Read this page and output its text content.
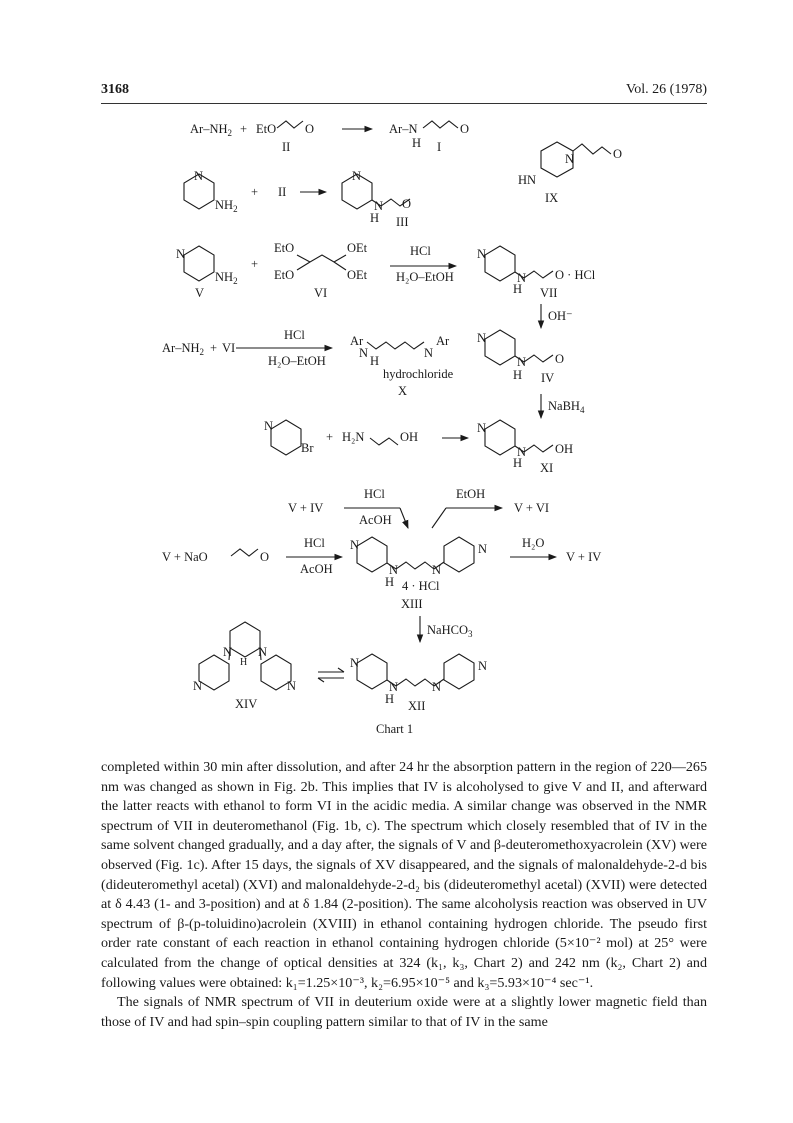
3168	Vol. 26 (1978)
$Ar-NH_2$ + EtO O
II
Ar–N	O
H I
HN
N	O
IX
N
$NH_2$
+ II
N
N
H
O
III
N
$NH_2$
V
+
EtO	OEt
EtO	OEt
VI
HCl
H₂O–EtOH
N
N
H
O · HCl
VII
OH⁻
$Ar-NH_2$ + VI
HCl
H₂O–EtOH
Ar
N	N
Ar
H
hydrochloride
X
N
N
H
O
IV
NaBH$_4$
N
Br
+ H₂N	OH
N
N
H
OH
XI
V + IV
HCl
AcOH
EtOH
V + VI
V + NaO	O
HCl
AcOH
N
N	N
N
H 4 · HCl
XIII
H₂O
V + IV
NaHCO$_3$
N N
H
N	N
XIV
N
N	N
N
H XII
Chart 1

completed within 30 min after dissolution, and after 24 hr the absorption pattern in the region of 220—265 nm was changed as shown in Fig. 2b. This implies that IV is alcoholysed to give V and II, and afterward the latter reacts with ethanol to form VI in the acidic media. A similar change was observed in the NMR spectrum of VII in deuteromethanol (Fig. 1b, c). The spectrum which closely resembled that of IV in the same solvent changed gradually, and a day after, the signals of V and β-deuteromethoxyacrolein (XV) were observed (Fig. 1c). After 15 days, the signals of XV disappeared, and the signals of malonaldehyde-2-d bis (dideuteromethyl acetal) (XVI) and malonaldehyde-2-d₂ bis (dideuteromethyl acetal) (XVII) were detected at δ 4.43 (1- and 3-position) and at δ 1.84 (2-position). The same alcoholysis reaction was observed in UV spectrum of β-(p-toluidino)acrolein (XVIII) in ethanol containing hydrogen chloride. The pseudo first order rate constant of each reaction in ethanol containing hydrogen chloride (5×10⁻² mol) at 25° were calculated from the change of optical densities at 324 (k₁, k₃, Chart 2) and 242 nm (k₂, Chart 2) and following values were obtained: k₁=1.25×10⁻³, k₂=6.95×10⁻⁵ and k₃=5.93×10⁻⁴ sec⁻¹.

The signals of NMR spectrum of VII in deuterium oxide were at a slightly lower magnetic field than those of IV and had spin–spin coupling pattern similar to that of IV in the same
